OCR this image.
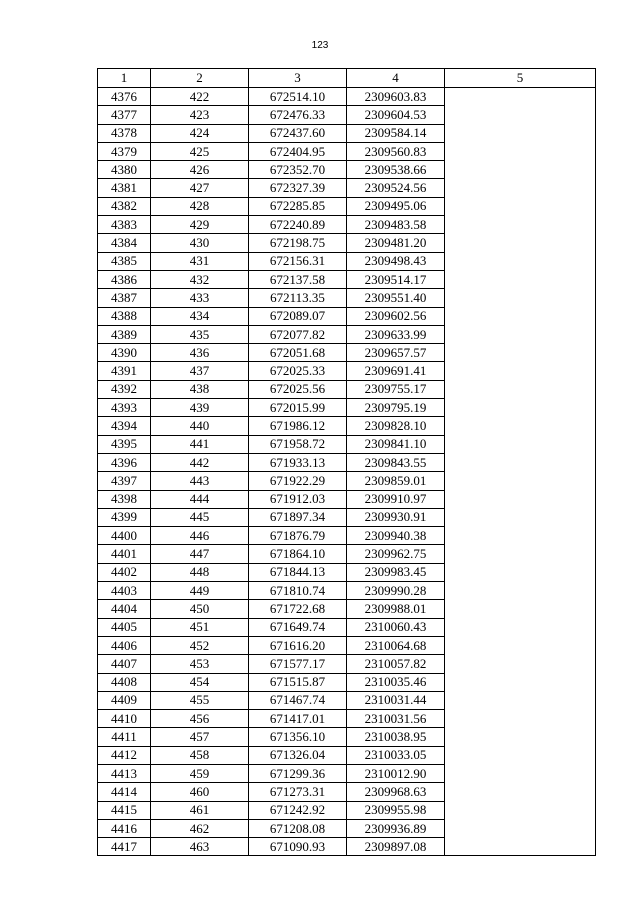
123
1	2	3	4	5
4376	422	672514.10	2309603.83	
4377	423	672476.33	2309604.53	
4378	424	672437.60	2309584.14	
4379	425	672404.95	2309560.83	
4380	426	672352.70	2309538.66	
4381	427	672327.39	2309524.56	
4382	428	672285.85	2309495.06	
4383	429	672240.89	2309483.58	
4384	430	672198.75	2309481.20	
4385	431	672156.31	2309498.43	
4386	432	672137.58	2309514.17	
4387	433	672113.35	2309551.40	
4388	434	672089.07	2309602.56	
4389	435	672077.82	2309633.99	
4390	436	672051.68	2309657.57	
4391	437	672025.33	2309691.41	
4392	438	672025.56	2309755.17	
4393	439	672015.99	2309795.19	
4394	440	671986.12	2309828.10	
4395	441	671958.72	2309841.10	
4396	442	671933.13	2309843.55	
4397	443	671922.29	2309859.01	
4398	444	671912.03	2309910.97	
4399	445	671897.34	2309930.91	
4400	446	671876.79	2309940.38	
4401	447	671864.10	2309962.75	
4402	448	671844.13	2309983.45	
4403	449	671810.74	2309990.28	
4404	450	671722.68	2309988.01	
4405	451	671649.74	2310060.43	
4406	452	671616.20	2310064.68	
4407	453	671577.17	2310057.82	
4408	454	671515.87	2310035.46	
4409	455	671467.74	2310031.44	
4410	456	671417.01	2310031.56	
4411	457	671356.10	2310038.95	
4412	458	671326.04	2310033.05	
4413	459	671299.36	2310012.90	
4414	460	671273.31	2309968.63	
4415	461	671242.92	2309955.98	
4416	462	671208.08	2309936.89	
4417	463	671090.93	2309897.08	
